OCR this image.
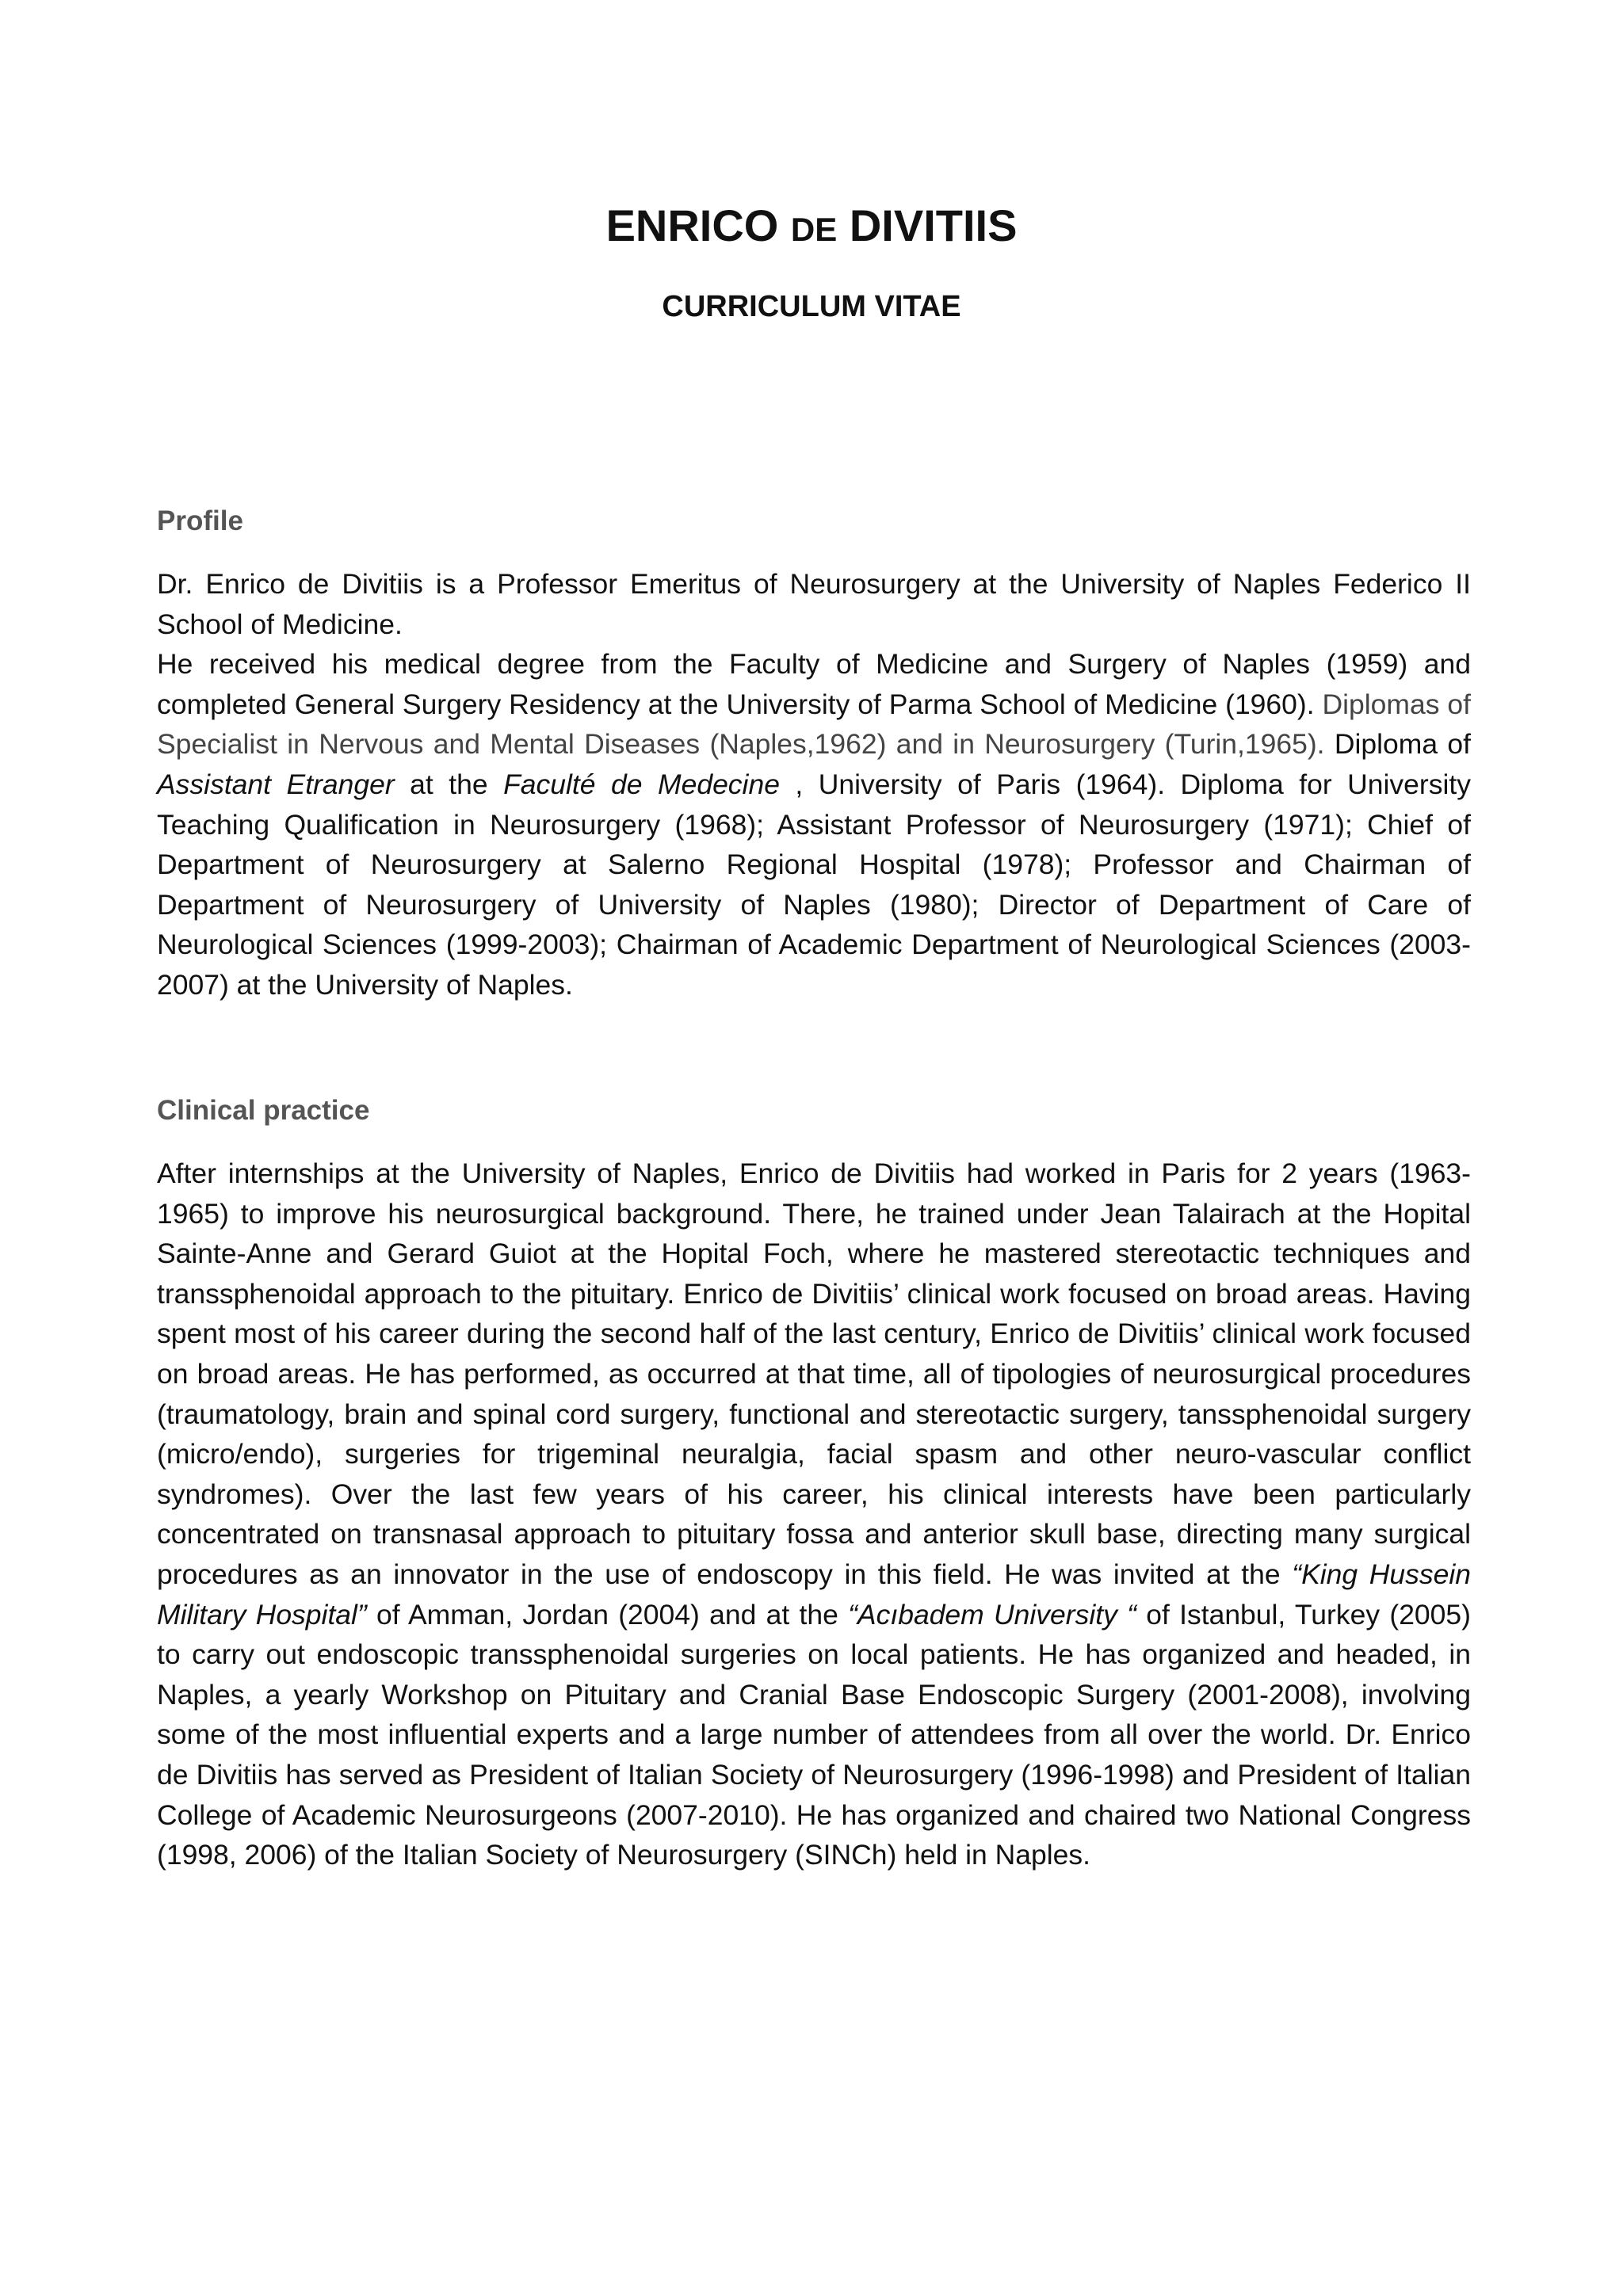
ENRICO DE DIVITIIS
CURRICULUM VITAE
Profile
Dr. Enrico de Divitiis is a Professor Emeritus of Neurosurgery at the University of Naples Federico II School of Medicine.
He received his medical degree from the Faculty of Medicine and Surgery of Naples (1959) and completed General Surgery Residency at the University of Parma School of Medicine (1960). Diplomas of Specialist in Nervous and Mental Diseases (Naples,1962) and in Neurosurgery (Turin,1965). Diploma of Assistant Etranger at the Faculté de Medecine , University of Paris (1964). Diploma for University Teaching Qualification in Neurosurgery (1968); Assistant Professor of Neurosurgery (1971); Chief of Department of Neurosurgery at Salerno Regional Hospital (1978); Professor and Chairman of Department of Neurosurgery of University of Naples (1980); Director of Department of Care of Neurological Sciences (1999-2003); Chairman of Academic Department of Neurological Sciences (2003-2007) at the University of Naples.
Clinical practice
After internships at the University of Naples, Enrico de Divitiis had worked in Paris for 2 years (1963-1965) to improve his neurosurgical background. There, he trained under Jean Talairach at the Hopital Sainte-Anne and Gerard Guiot at the Hopital Foch, where he mastered stereotactic techniques and transsphenoidal approach to the pituitary. Enrico de Divitiis’ clinical work focused on broad areas. Having spent most of his career during the second half of the last century, Enrico de Divitiis’ clinical work focused on broad areas. He has performed, as occurred at that time, all of tipologies of neurosurgical procedures (traumatology, brain and spinal cord surgery, functional and stereotactic surgery, tanssphenoidal surgery (micro/endo), surgeries for trigeminal neuralgia, facial spasm and other neuro-vascular conflict syndromes). Over the last few years of his career, his clinical interests have been particularly concentrated on transnasal approach to pituitary fossa and anterior skull base, directing many surgical procedures as an innovator in the use of endoscopy in this field. He was invited at the “King Hussein Military Hospital” of Amman, Jordan (2004) and at the “Acıbadem University “ of Istanbul, Turkey (2005) to carry out endoscopic transsphenoidal surgeries on local patients. He has organized and headed, in Naples, a yearly Workshop on Pituitary and Cranial Base Endoscopic Surgery (2001-2008), involving some of the most influential experts and a large number of attendees from all over the world. Dr. Enrico de Divitiis has served as President of Italian Society of Neurosurgery (1996-1998) and President of Italian College of Academic Neurosurgeons (2007-2010). He has organized and chaired two National Congress (1998, 2006) of the Italian Society of Neurosurgery (SINCh) held in Naples.
